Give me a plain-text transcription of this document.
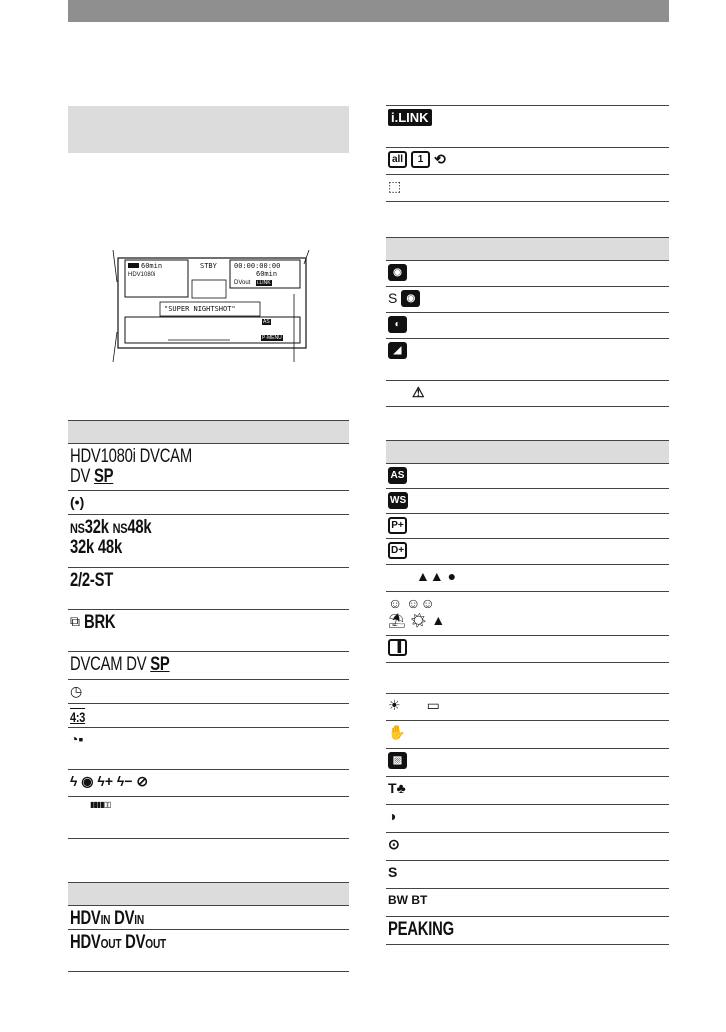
60min	STBY 00:00:00:00
60min
HDV1080i
DVout i.LINK
"SUPER NIGHTSHOT"
P-MENU
AS
HDV1080i DVCAM
DV SP
(•)
NS32k NS48k
32k 48k
2/2-ST
⧉ BRK
DVCAM DV SP
◷
4:3
◔▪
ϟ ◉ ϟ+ ϟ− ⊘
▮▮▮▮▯▯
HDVIN DVIN
HDVOUT DVOUT
i.LINK
all	1 ⟲
⬚
◉
S ◉
◐
◢
⚠
AS
WS
P+
D+
▲▲ ●
☺ ☺☺
⛱ ☀ ▲
▐
☀ ▭
✋
▨
T♣
◑
⊙
S
BW BT
PEAKING
